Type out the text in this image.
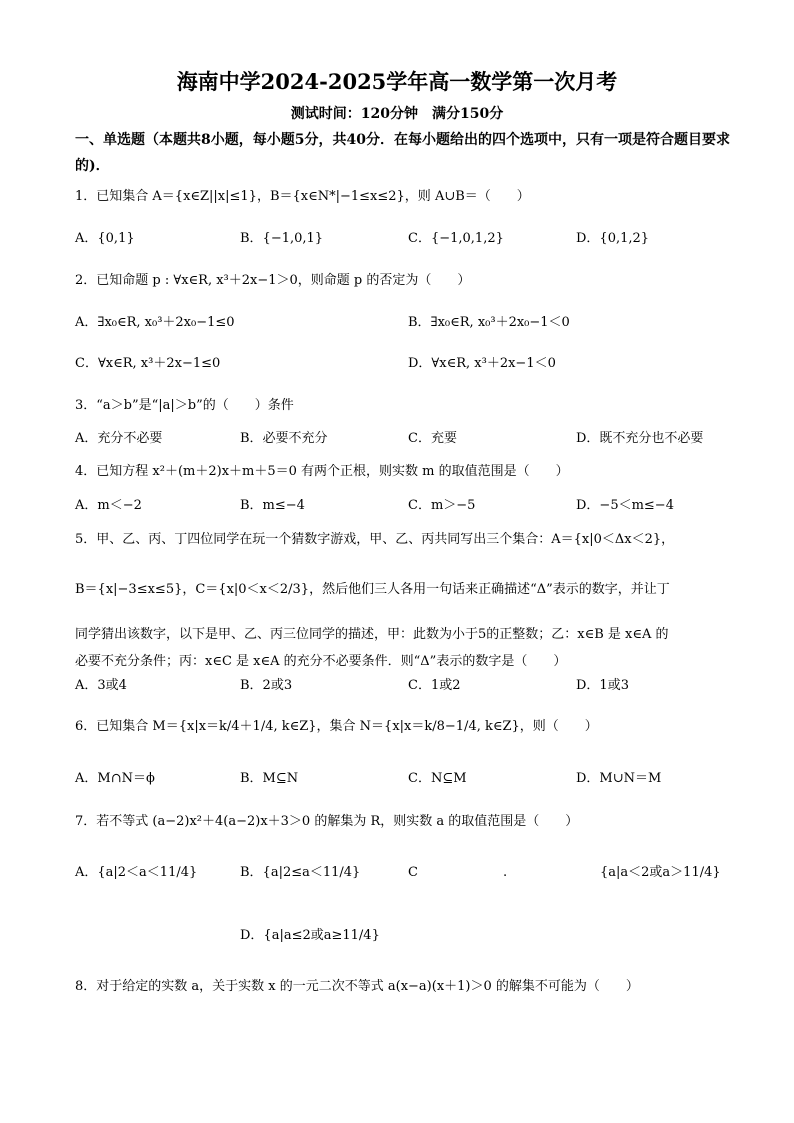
海南中学2024-2025学年高一数学第一次月考
测试时间：120分钟　满分150分
一、单选题（本题共8小题，每小题5分，共40分．在每小题给出的四个选项中，只有一项是符合题目要求的)．
1．已知集合 A＝{x∈Z||x|≤1}，B＝{x∈N*|−1≤x≤2}，则 A∪B＝（　　）
A．{0,1}	B．{−1,0,1}	C．{−1,0,1,2}	D．{0,1,2}
2．已知命题 p : ∀x∈R, x³＋2x−1＞0，则命题 p 的否定为（　　）
A．∃x₀∈R, x₀³＋2x₀−1≤0	B．∃x₀∈R, x₀³＋2x₀−1＜0
C．∀x∈R, x³＋2x−1≤0	D．∀x∈R, x³＋2x−1＜0
3．“a＞b”是“|a|＞b”的（　　）条件
A．充分不必要	B．必要不充分	C．充要	D．既不充分也不必要
4．已知方程 x²＋(m＋2)x＋m＋5＝0 有两个正根，则实数 m 的取值范围是（　　）
A．m＜−2	B．m≤−4	C．m＞−5	D．−5＜m≤−4
5．甲、乙、丙、丁四位同学在玩一个猜数字游戏，甲、乙、丙共同写出三个集合：A＝{x|0＜Δx＜2}，
B＝{x|−3≤x≤5}，C＝{x|0＜x＜2/3}，然后他们三人各用一句话来正确描述“Δ”表示的数字，并让丁
同学猜出该数字，以下是甲、乙、丙三位同学的描述，甲：此数为小于5的正整数；乙：x∈B 是 x∈A 的
必要不充分条件；丙：x∈C 是 x∈A 的充分不必要条件．则“Δ”表示的数字是（　　）
A．3或4	B．2或3	C．1或2	D．1或3
6．已知集合 M＝{x|x＝k/4＋1/4, k∈Z}，集合 N＝{x|x＝k/8−1/4, k∈Z}，则（　　）
A．M∩N＝ϕ	B．M⊆N	C．N⊆M	D．M∪N＝M
7．若不等式 (a−2)x²＋4(a−2)x＋3＞0 的解集为 R，则实数 a 的取值范围是（　　）
A．{a|2＜a＜11/4}	B．{a|2≤a＜11/4}	C	.	{a|a＜2或a＞11/4}
D．{a|a≤2或a≥11/4}
8．对于给定的实数 a，关于实数 x 的一元二次不等式 a(x−a)(x＋1)＞0 的解集不可能为（　　）
